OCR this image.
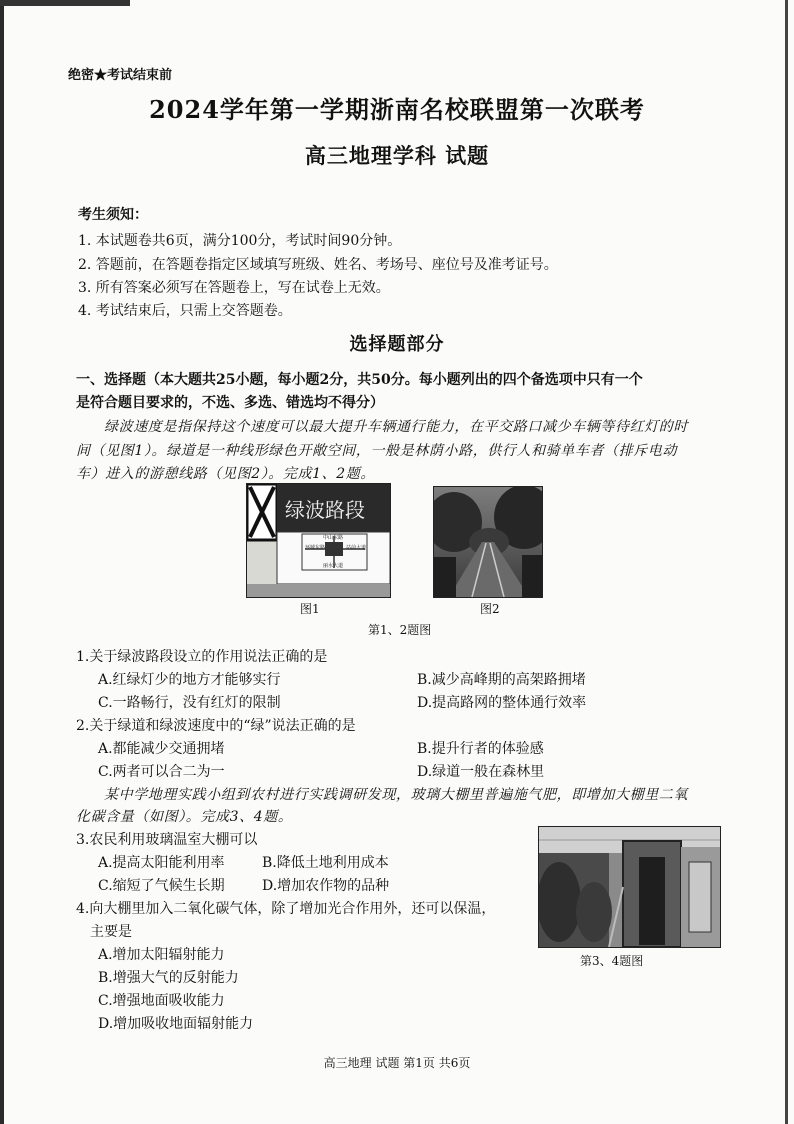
绝密★考试结束前
2024学年第一学期浙南名校联盟第一次联考
高三地理学科 试题
考生须知：
1. 本试题卷共6页，满分100分，考试时间90分钟。
2. 答题前，在答题卷指定区域填写班级、姓名、考场号、座位号及准考证号。
3. 所有答案必须写在答题卷上，写在试卷上无效。
4. 考试结束后，只需上交答题卷。
选择题部分
一、选择题（本大题共25小题，每小题2分，共50分。每小题列出的四个备选项中只有一个
是符合题目要求的，不选、多选、错选均不得分）
绿波速度是指保持这个速度可以最大提升车辆通行能力，在平交路口减少车辆等待红灯的时
间（见图1）。绿道是一种线形绿色开敞空间，一般是林荫小路，供行人和骑单车者（排斥电动
车）进入的游憩线路（见图2）。完成1、2题。
绿波路段
中山东路
环城东路	站前大道
丽水大道
图1	图2
第1、2题图
1.关于绿波路段设立的作用说法正确的是
A.红绿灯少的地方才能够实行	B.减少高峰期的高架路拥堵
C.一路畅行，没有红灯的限制	D.提高路网的整体通行效率
2.关于绿道和绿波速度中的“绿”说法正确的是
A.都能减少交通拥堵	B.提升行者的体验感
C.两者可以合二为一	D.绿道一般在森林里
某中学地理实践小组到农村进行实践调研发现，玻璃大棚里普遍施气肥，即增加大棚里二氧
化碳含量（如图）。完成3、4题。
3.农民利用玻璃温室大棚可以
A.提高太阳能利用率	B.降低土地利用成本
C.缩短了气候生长期	D.增加农作物的品种
4.向大棚里加入二氧化碳气体，除了增加光合作用外，还可以保温，
主要是
A.增加太阳辐射能力
B.增强大气的反射能力
C.增强地面吸收能力
D.增加吸收地面辐射能力
第3、4题图
高三地理 试题 第1页 共6页
